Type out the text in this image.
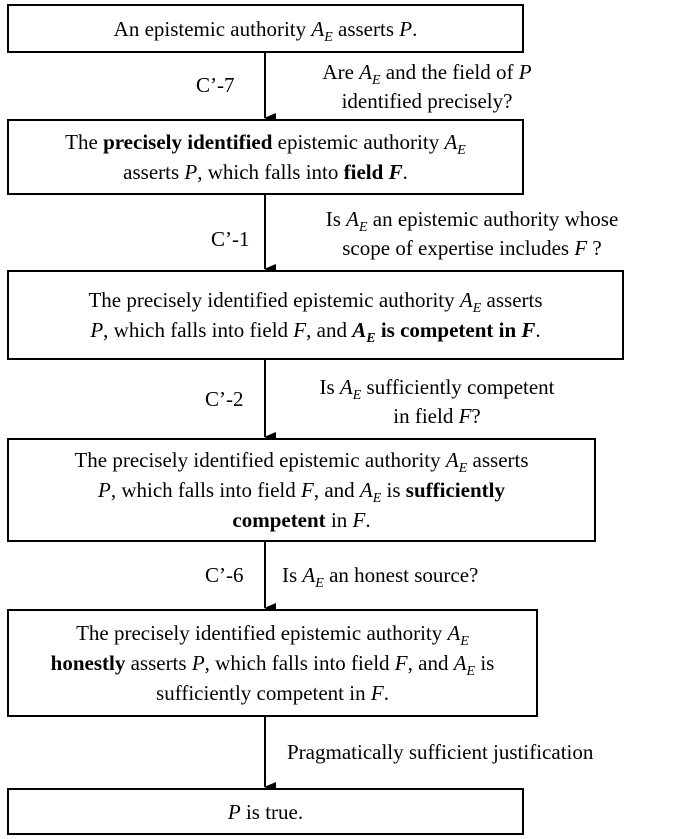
An epistemic authority $A_E$ asserts P.

C’-7

Are $A_E$ and the field of P

identified precisely?

The precisely identified epistemic authority $A_E$
asserts P, which falls into field F.

C’-1

Is $A_E$ an epistemic authority whose

scope of expertise includes F ?

The precisely identified epistemic authority $A_E$ asserts
P, which falls into field F, and $A_E$ is competent in F.

C’-2	Is $A_E$ sufficiently competent

in field F?

The precisely identified epistemic authority $A_E$ asserts
P, which falls into field F, and $A_E$ is sufficiently
competent in F.

C’-6 Is $A_E$ an honest source?

The precisely identified epistemic authority $A_E$
honestly asserts P, which falls into field F, and $A_E$ is
sufficiently competent in F.

Pragmatically sufficient justification

P is true.
